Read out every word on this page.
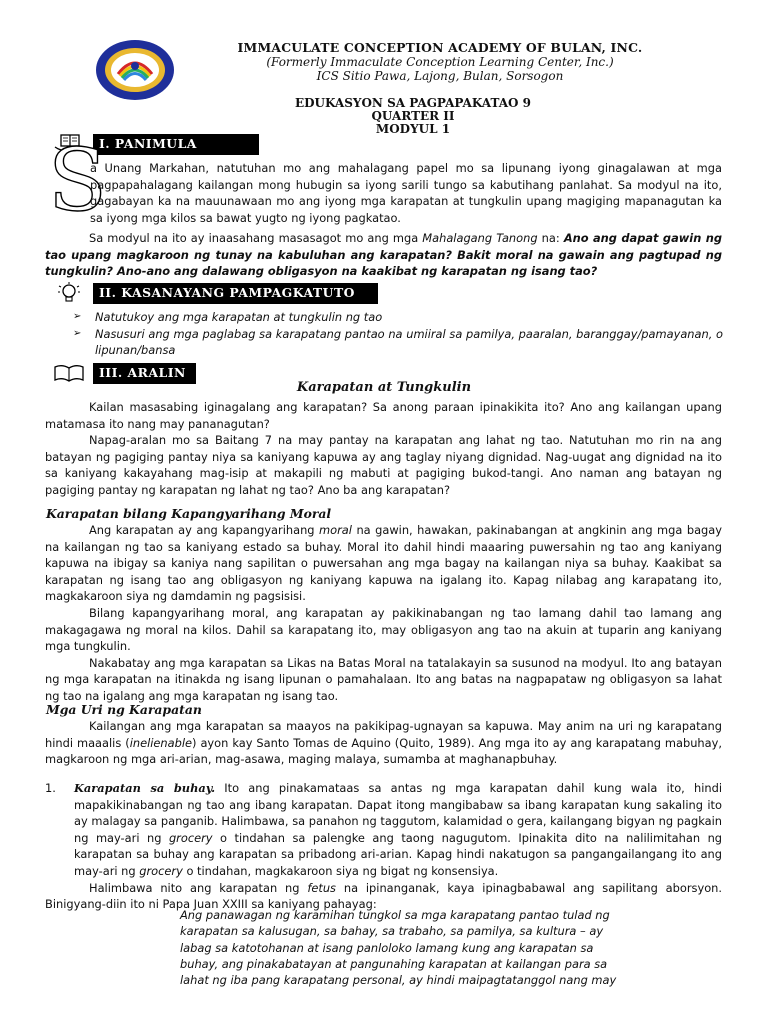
IMMACULATE CONCEPTION ACADEMY OF BULAN, INC.
(Formerly Immaculate Conception Learning Center, Inc.)
ICS Sitio Pawa, Lajong, Bulan, Sorsogon
EDUKASYON SA PAGPAPAKATAO 9
QUARTER II
MODYUL 1
I. PANIMULA
S

a Unang Markahan, natutuhan mo ang mahalagang papel mo sa lipunang iyong ginagalawan at mga pagpapahalagang kailangan mong hubugin sa iyong sarili tungo sa kabutihang panlahat. Sa modyul na ito, gagabayan ka na mauunawaan mo ang iyong mga karapatan at tungkulin upang magiging mapanagutan ka sa iyong mga kilos sa bawat yugto ng iyong pagkatao.

Sa modyul na ito ay inaasahang masasagot mo ang mga Mahalagang Tanong na: Ano ang dapat gawin ng tao upang magkaroon ng tunay na kabuluhan ang karapatan? Bakit moral na gawain ang pagtupad ng tungkulin? Ano-ano ang dalawang obligasyon na kaakibat ng karapatan ng isang tao?

II. KASANAYANG PAMPAGKATUTO
➢	Natutukoy ang mga karapatan at tungkulin ng tao
➢	Nasusuri ang mga paglabag sa karapatang pantao na umiiral sa pamilya, paaralan, baranggay/pamayanan, o lipunan/bansa
III. ARALIN
Karapatan at Tungkulin

Kailan masasabing iginagalang ang karapatan? Sa anong paraan ipinakikita ito? Ano ang kailangan upang matamasa ito nang may pananagutan?

Napag-aralan mo sa Baitang 7 na may pantay na karapatan ang lahat ng tao. Natutuhan mo rin na ang batayan ng pagiging pantay niya sa kaniyang kapuwa ay ang taglay niyang dignidad. Nag-uugat ang dignidad na ito sa kaniyang kakayahang mag-isip at makapili ng mabuti at pagiging bukod-tangi. Ano naman ang batayan ng pagiging pantay ng karapatan ng lahat ng tao? Ano ba ang karapatan?

Karapatan bilang Kapangyarihang Moral

Ang karapatan ay ang kapangyarihang moral na gawin, hawakan, pakinabangan at angkinin ang mga bagay na kailangan ng tao sa kaniyang estado sa buhay. Moral ito dahil hindi maaaring puwersahin ng tao ang kaniyang kapuwa na ibigay sa kaniya nang sapilitan o puwersahan ang mga bagay na kailangan niya sa buhay. Kaakibat sa karapatan ng isang tao ang obligasyon ng kaniyang kapuwa na igalang ito. Kapag nilabag ang karapatang ito, magkakaroon siya ng damdamin ng pagsisisi.

Bilang kapangyarihang moral, ang karapatan ay pakikinabangan ng tao lamang dahil tao lamang ang makagagawa ng moral na kilos. Dahil sa karapatang ito, may obligasyon ang tao na akuin at tuparin ang kaniyang mga tungkulin.

Nakabatay ang mga karapatan sa Likas na Batas Moral na tatalakayin sa susunod na modyul. Ito ang batayan ng mga karapatan na itinakda ng isang lipunan o pamahalaan. Ito ang batas na nagpapataw ng obligasyon sa lahat ng tao na igalang ang mga karapatan ng isang tao.

Mga Uri ng Karapatan

Kailangan ang mga karapatan sa maayos na pakikipag-ugnayan sa kapuwa. May anim na uri ng karapatang hindi maaalis (inelienable) ayon kay Santo Tomas de Aquino (Quito, 1989). Ang mga ito ay ang karapatang mabuhay, magkaroon ng mga ari-arian, mag-asawa, maging malaya, sumamba at maghanapbuhay.

1. Karapatan sa buhay. Ito ang pinakamataas sa antas ng mga karapatan dahil kung wala ito, hindi mapakikinabangan ng tao ang ibang karapatan. Dapat itong mangibabaw sa ibang karapatan kung sakaling ito ay malagay sa panganib. Halimbawa, sa panahon ng taggutom, kalamidad o gera, kailangang bigyan ng pagkain ng may-ari ng grocery o tindahan sa palengke ang taong nagugutom. Ipinakita dito na nalilimitahan ng karapatan sa buhay ang karapatan sa pribadong ari-arian. Kapag hindi nakatugon sa pangangailangang ito ang may-ari ng grocery o tindahan, magkakaroon siya ng bigat ng konsensiya.

Halimbawa nito ang karapatan ng fetus na ipinanganak, kaya ipinagbabawal ang sapilitang aborsyon. Binigyang-diin ito ni Papa Juan XXIII sa kaniyang pahayag:

Ang panawagan ng karamihan tungkol sa mga karapatang pantao tulad ng karapatan sa kalusugan, sa bahay, sa trabaho, sa pamilya, sa kultura – ay labag sa katotohanan at isang panloloko lamang kung ang karapatan sa buhay, ang pinakabatayan at pangunahing karapatan at kailangan para sa lahat ng iba pang karapatang personal, ay hindi maipagtatanggol nang may
